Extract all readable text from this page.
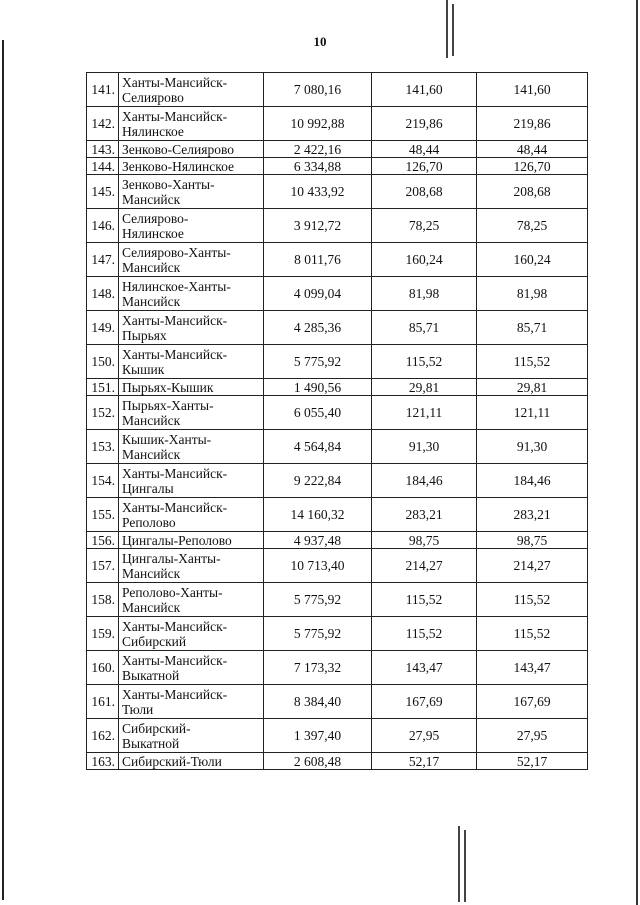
10
141.	Ханты-Мансийск-
Селиярово	7 080,16	141,60	141,60
142.	Ханты-Мансийск-
Нялинское	10 992,88	219,86	219,86
143.	Зенково-Селиярово	2 422,16	48,44	48,44
144.	Зенково-Нялинское	6 334,88	126,70	126,70
145.	Зенково-Ханты-
Мансийск	10 433,92	208,68	208,68
146.	Селиярово-
Нялинское	3 912,72	78,25	78,25
147.	Селиярово-Ханты-
Мансийск	8 011,76	160,24	160,24
148.	Нялинское-Ханты-
Мансийск	4 099,04	81,98	81,98
149.	Ханты-Мансийск-
Пырьях	4 285,36	85,71	85,71
150.	Ханты-Мансийск-
Кышик	5 775,92	115,52	115,52
151.	Пырьях-Кышик	1 490,56	29,81	29,81
152.	Пырьях-Ханты-
Мансийск	6 055,40	121,11	121,11
153.	Кышик-Ханты-
Мансийск	4 564,84	91,30	91,30
154.	Ханты-Мансийск-
Цингалы	9 222,84	184,46	184,46
155.	Ханты-Мансийск-
Реполово	14 160,32	283,21	283,21
156.	Цингалы-Реполово	4 937,48	98,75	98,75
157.	Цингалы-Ханты-
Мансийск	10 713,40	214,27	214,27
158.	Реполово-Ханты-
Мансийск	5 775,92	115,52	115,52
159.	Ханты-Мансийск-
Сибирский	5 775,92	115,52	115,52
160.	Ханты-Мансийск-
Выкатной	7 173,32	143,47	143,47
161.	Ханты-Мансийск-
Тюли	8 384,40	167,69	167,69
162.	Сибирский-
Выкатной	1 397,40	27,95	27,95
163.	Сибирский-Тюли	2 608,48	52,17	52,17
